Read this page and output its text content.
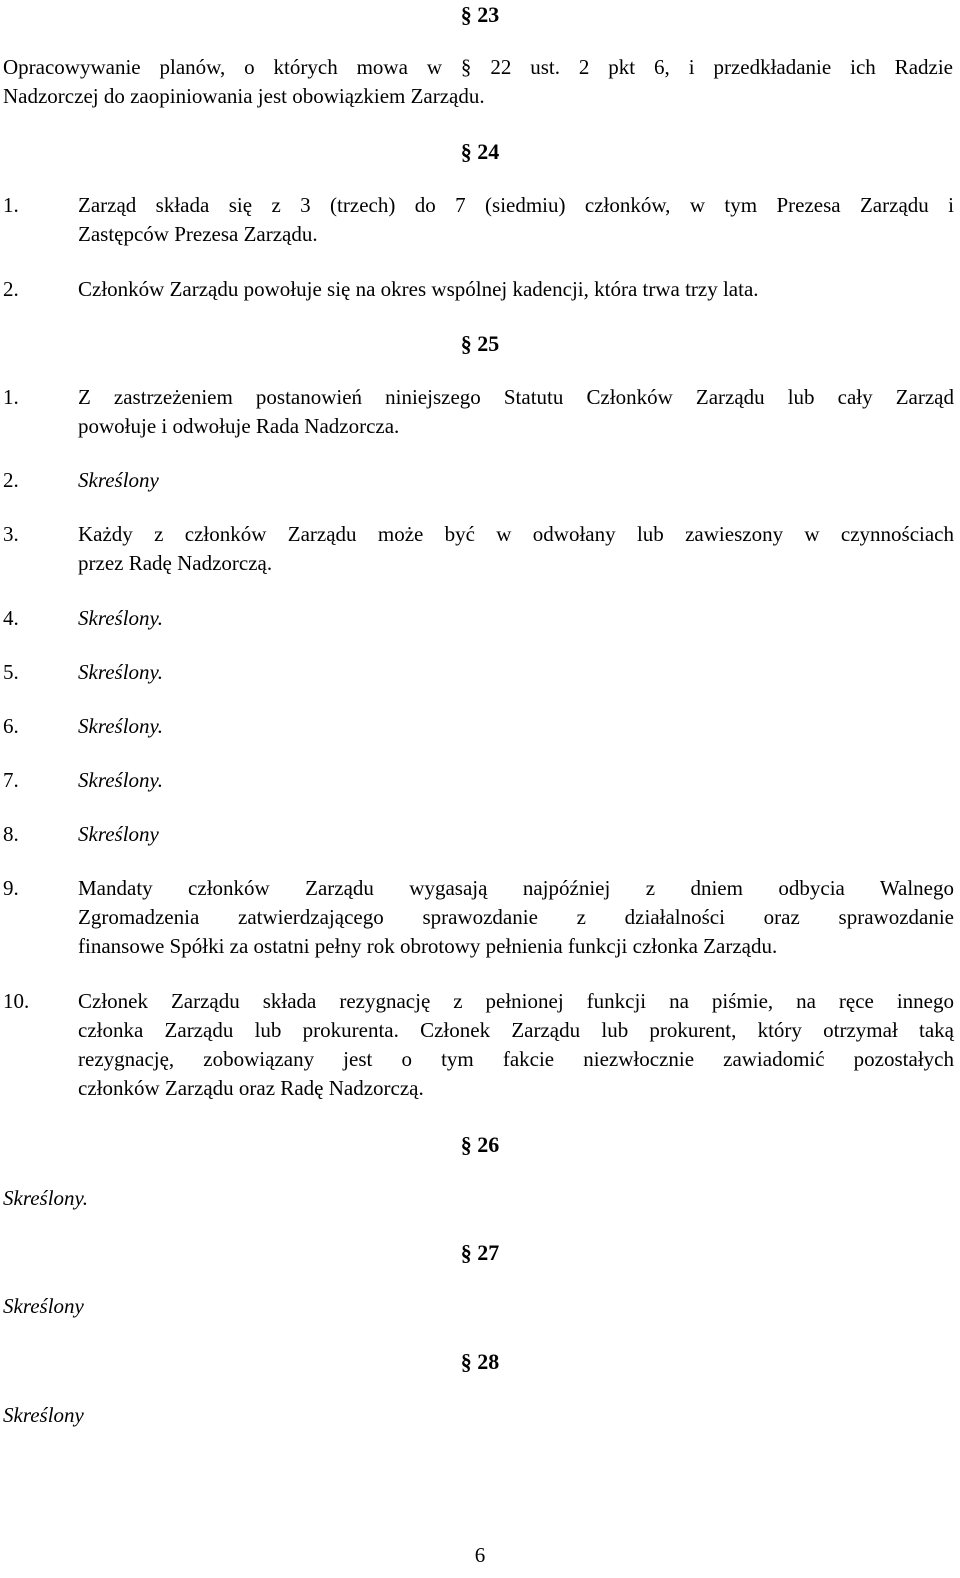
§ 23
Opracowywanie planów, o których mowa w § 22 ust. 2 pkt 6, i przedkładanie ich Radzie
Nadzorczej do zaopiniowania jest obowiązkiem Zarządu.
§ 24
1.	Zarząd składa się z 3 (trzech) do 7 (siedmiu) członków, w tym Prezesa Zarządu i
Zastępców Prezesa Zarządu.
2.	Członków Zarządu powołuje się na okres wspólnej kadencji, która trwa trzy lata.
§ 25
1.	Z zastrzeżeniem postanowień niniejszego Statutu Członków Zarządu lub cały Zarząd
powołuje i odwołuje Rada Nadzorcza.
2.	Skreślony
3.	Każdy z członków Zarządu może być w odwołany lub zawieszony w czynnościach
przez Radę Nadzorczą.
4.	Skreślony.
5.	Skreślony.
6.	Skreślony.
7.	Skreślony.
8.	Skreślony
9.	Mandaty członków Zarządu wygasają najpóźniej z dniem odbycia Walnego
Zgromadzenia zatwierdzającego sprawozdanie z działalności oraz sprawozdanie
finansowe Spółki za ostatni pełny rok obrotowy pełnienia funkcji członka Zarządu.
10. Członek Zarządu składa rezygnację z pełnionej funkcji na piśmie, na ręce innego
członka Zarządu lub prokurenta. Członek Zarządu lub prokurent, który otrzymał taką
rezygnację, zobowiązany jest o tym fakcie niezwłocznie zawiadomić pozostałych
członków Zarządu oraz Radę Nadzorczą.
§ 26
Skreślony.
§ 27
Skreślony
§ 28
Skreślony
6
